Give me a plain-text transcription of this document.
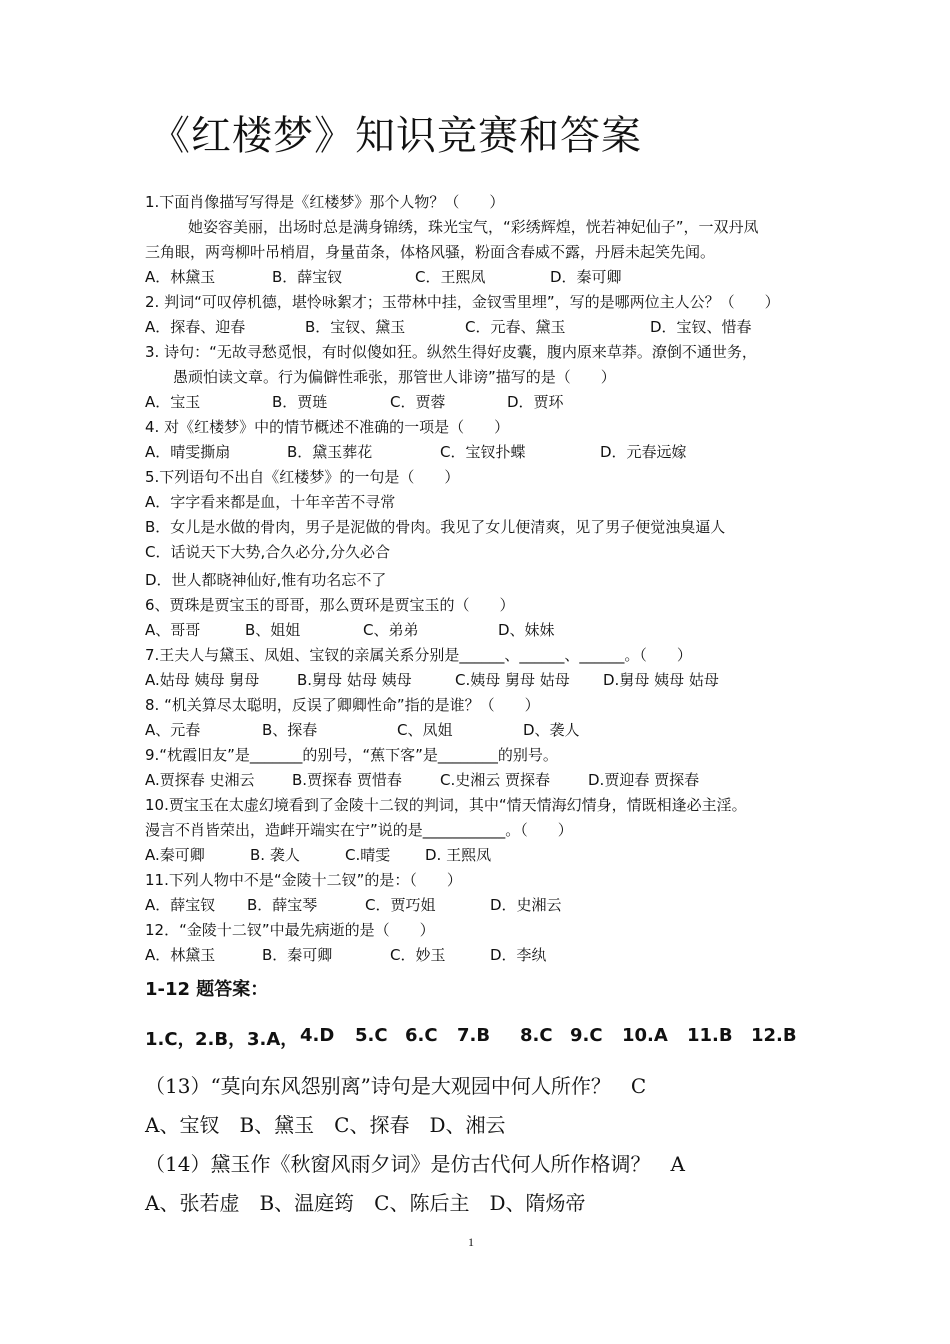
《红楼梦》知识竞赛和答案
1.下面肖像描写写得是《红楼梦》那个人物？（　　）
她姿容美丽，出场时总是满身锦绣，珠光宝气，“彩绣辉煌，恍若神妃仙子”，一双丹凤
三角眼，两弯柳叶吊梢眉，身量苗条，体格风骚，粉面含春威不露，丹唇未起笑先闻。
A．林黛玉	B．薛宝钗	C．王熙凤	D．秦可卿
2. 判词“可叹停机德，堪怜咏絮才；玉带林中挂，金钗雪里埋”，写的是哪两位主人公？（　　）
A．探春、迎春	B．宝钗、黛玉	C．元春、黛玉	D．宝钗、惜春
3. 诗句：“无故寻愁觅恨，有时似傻如狂。纵然生得好皮囊，腹内原来草莽。潦倒不通世务，
愚顽怕读文章。行为偏僻性乖张，那管世人诽谤”描写的是（　　）
A．宝玉	B．贾琏	C．贾蓉	D．贾环
4. 对《红楼梦》中的情节概述不准确的一项是（　　）
A．晴雯撕扇	B．黛玉葬花	C．宝钗扑蝶	D．元春远嫁
5.下列语句不出自《红楼梦》的一句是（　　）
A．字字看来都是血，十年辛苦不寻常
B．女儿是水做的骨肉，男子是泥做的骨肉。我见了女儿便清爽，见了男子便觉浊臭逼人
C．话说天下大势,合久必分,分久必合
D．世人都晓神仙好,惟有功名忘不了
6、贾珠是贾宝玉的哥哥，那么贾环是贾宝玉的（　　）
A、哥哥	B、姐姐	C、弟弟	D、妹妹
7.王夫人与黛玉、凤姐、宝钗的亲属关系分别是______、______、______。（　　）
A.姑母 姨母 舅母	B.舅母 姑母 姨母	C.姨母 舅母 姑母 D.舅母 姨母 姑母
8. “机关算尽太聪明，反误了卿卿性命”指的是谁？（　　）
A、元春	B、探春	C、凤姐	D、袭人
9.“枕霞旧友”是_______的别号，“蕉下客”是________的别号。
A.贾探春 史湘云 B.贾探春 贾惜春	C.史湘云 贾探春	D.贾迎春 贾探春
10.贾宝玉在太虚幻境看到了金陵十二钗的判词，其中“情天情海幻情身，情既相逢必主淫。
漫言不肖皆荣出，造衅开端实在宁”说的是___________。（　　）
A.秦可卿	B. 袭人	C.晴雯 D. 王熙凤
11.下列人物中不是“金陵十二钗”的是：（　　）
A．薛宝钗 B．薛宝琴	C．贾巧姐	D．史湘云
12．“金陵十二钗”中最先病逝的是（　　）
A．林黛玉	B．秦可卿	C．妙玉	D．李纨
1-12 题答案：
1.C， 2.B， 3.A， 4.D 5.C 6.C 7.B 8.C 9.C 10.A 11.B 12.B
（13）“莫向东风怨别离”诗句是大观园中何人所作？　C
A、宝钗　B、黛玉　C、探春　D、湘云
（14）黛玉作《秋窗风雨夕词》是仿古代何人所作格调？　A
A、张若虚　B、温庭筠　C、陈后主　D、隋炀帝
1
